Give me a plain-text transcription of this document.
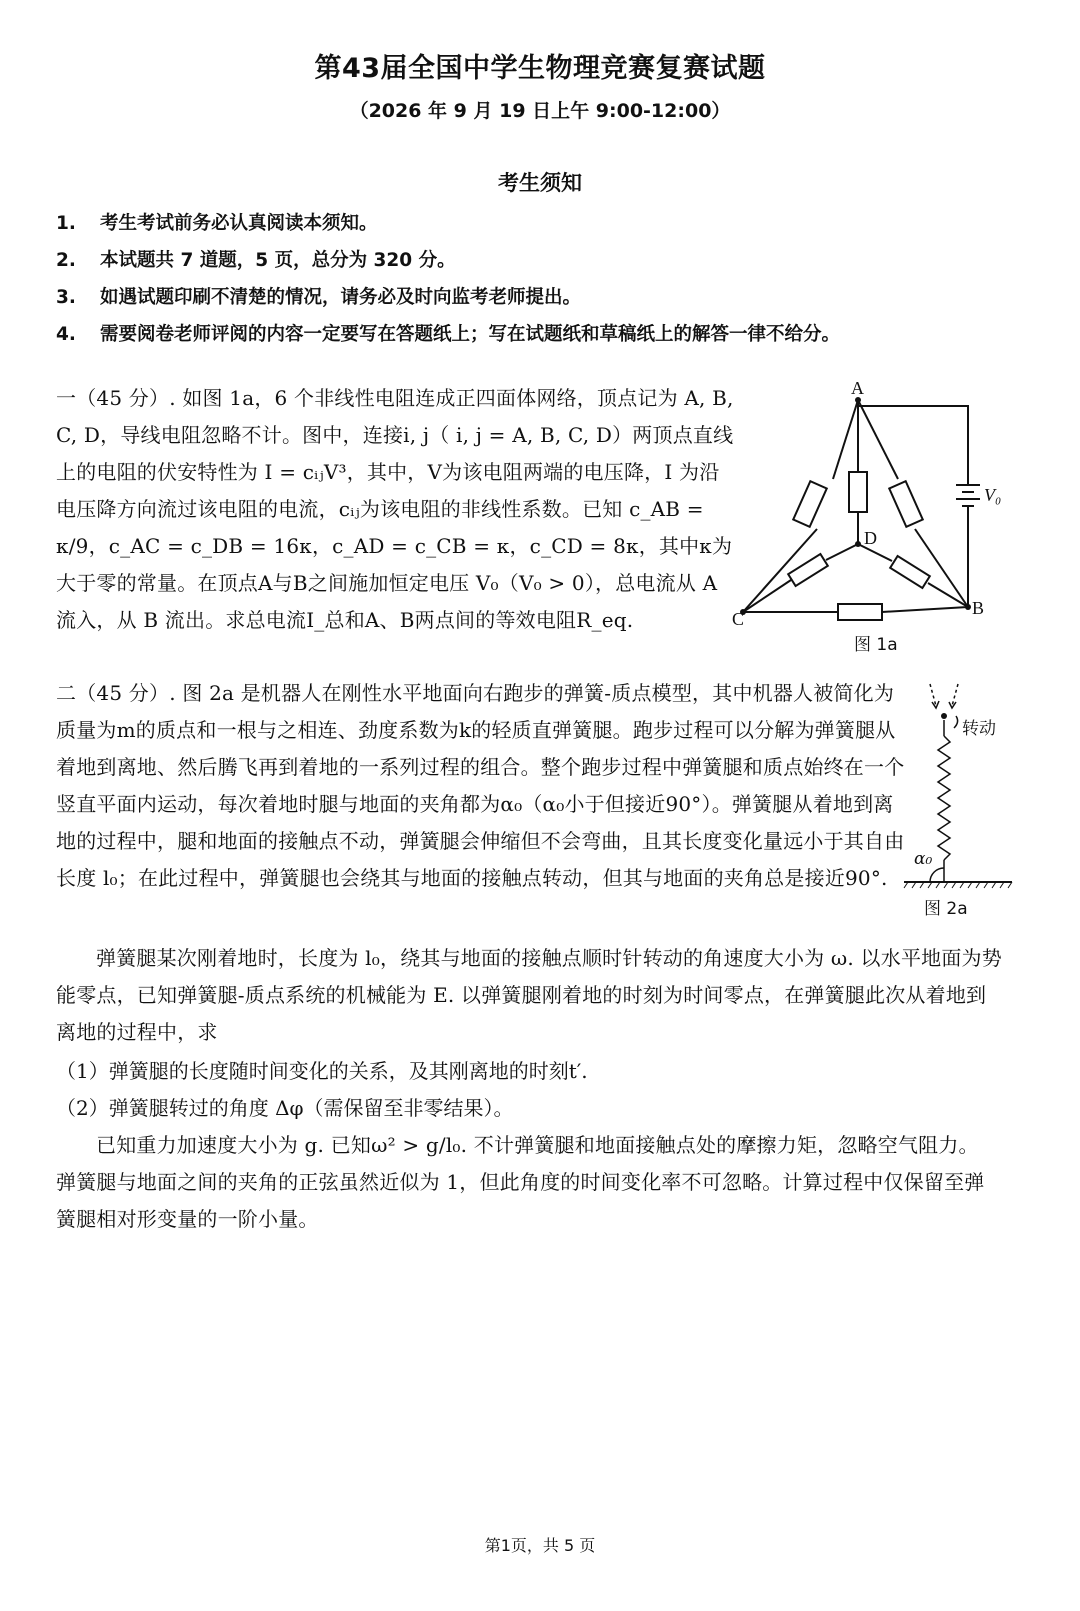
第43届全国中学生物理竞赛复赛试题
（2026 年 9 月 19 日上午 9:00-12:00）
考生须知
1. 考生考试前务必认真阅读本须知。
2. 本试题共 7 道题，5 页，总分为 320 分。
3. 如遇试题印刷不清楚的情况，请务必及时向监考老师提出。
4. 需要阅卷老师评阅的内容一定要写在答题纸上；写在试题纸和草稿纸上的解答一律不给分。
一（45 分）. 如图 1a，6 个非线性电阻连成正四面体网络，顶点记为 A, B, C, D，导线电阻忽略不计。图中，连接i, j（ i, j = A, B, C, D）两顶点直线上的电阻的伏安特性为 I = cᵢⱼV³，其中，V为该电阻两端的电压降，I 为沿电压降方向流过该电阻的电流，cᵢⱼ为该电阻的非线性系数。已知 c_AB = κ/9，c_AC = c_DB = 16κ，c_AD = c_CB = κ，c_CD = 8κ，其中κ为大于零的常量。在顶点A与B之间施加恒定电压 V₀（V₀ > 0），总电流从 A 流入，从 B 流出。求总电流I_总和A、B两点间的等效电阻R_eq.
A
D
C
B
V₀
图 1a
二（45 分）. 图 2a 是机器人在刚性水平地面向右跑步的弹簧-质点模型，其中机器人被简化为质量为m的质点和一根与之相连、劲度系数为k的轻质直弹簧腿。跑步过程可以分解为弹簧腿从着地到离地、然后腾飞再到着地的一系列过程的组合。整个跑步过程中弹簧腿和质点始终在一个竖直平面内运动，每次着地时腿与地面的夹角都为α₀（α₀小于但接近90°）。弹簧腿从着地到离地的过程中，腿和地面的接触点不动，弹簧腿会伸缩但不会弯曲，且其长度变化量远小于其自由长度 l₀；在此过程中，弹簧腿也会绕其与地面的接触点转动，但其与地面的夹角总是接近90°.
转动
α₀
图 2a
弹簧腿某次刚着地时，长度为 l₀，绕其与地面的接触点顺时针转动的角速度大小为 ω. 以水平地面为势
能零点，已知弹簧腿-质点系统的机械能为 E. 以弹簧腿刚着地的时刻为时间零点，在弹簧腿此次从着地到
离地的过程中，求
（1）弹簧腿的长度随时间变化的关系，及其刚离地的时刻t′.
（2）弹簧腿转过的角度 Δφ（需保留至非零结果）。
已知重力加速度大小为 g. 已知ω² > g/l₀. 不计弹簧腿和地面接触点处的摩擦力矩，忽略空气阻力。
弹簧腿与地面之间的夹角的正弦虽然近似为 1，但此角度的时间变化率不可忽略。计算过程中仅保留至弹
簧腿相对形变量的一阶小量。
第1页，共 5 页
